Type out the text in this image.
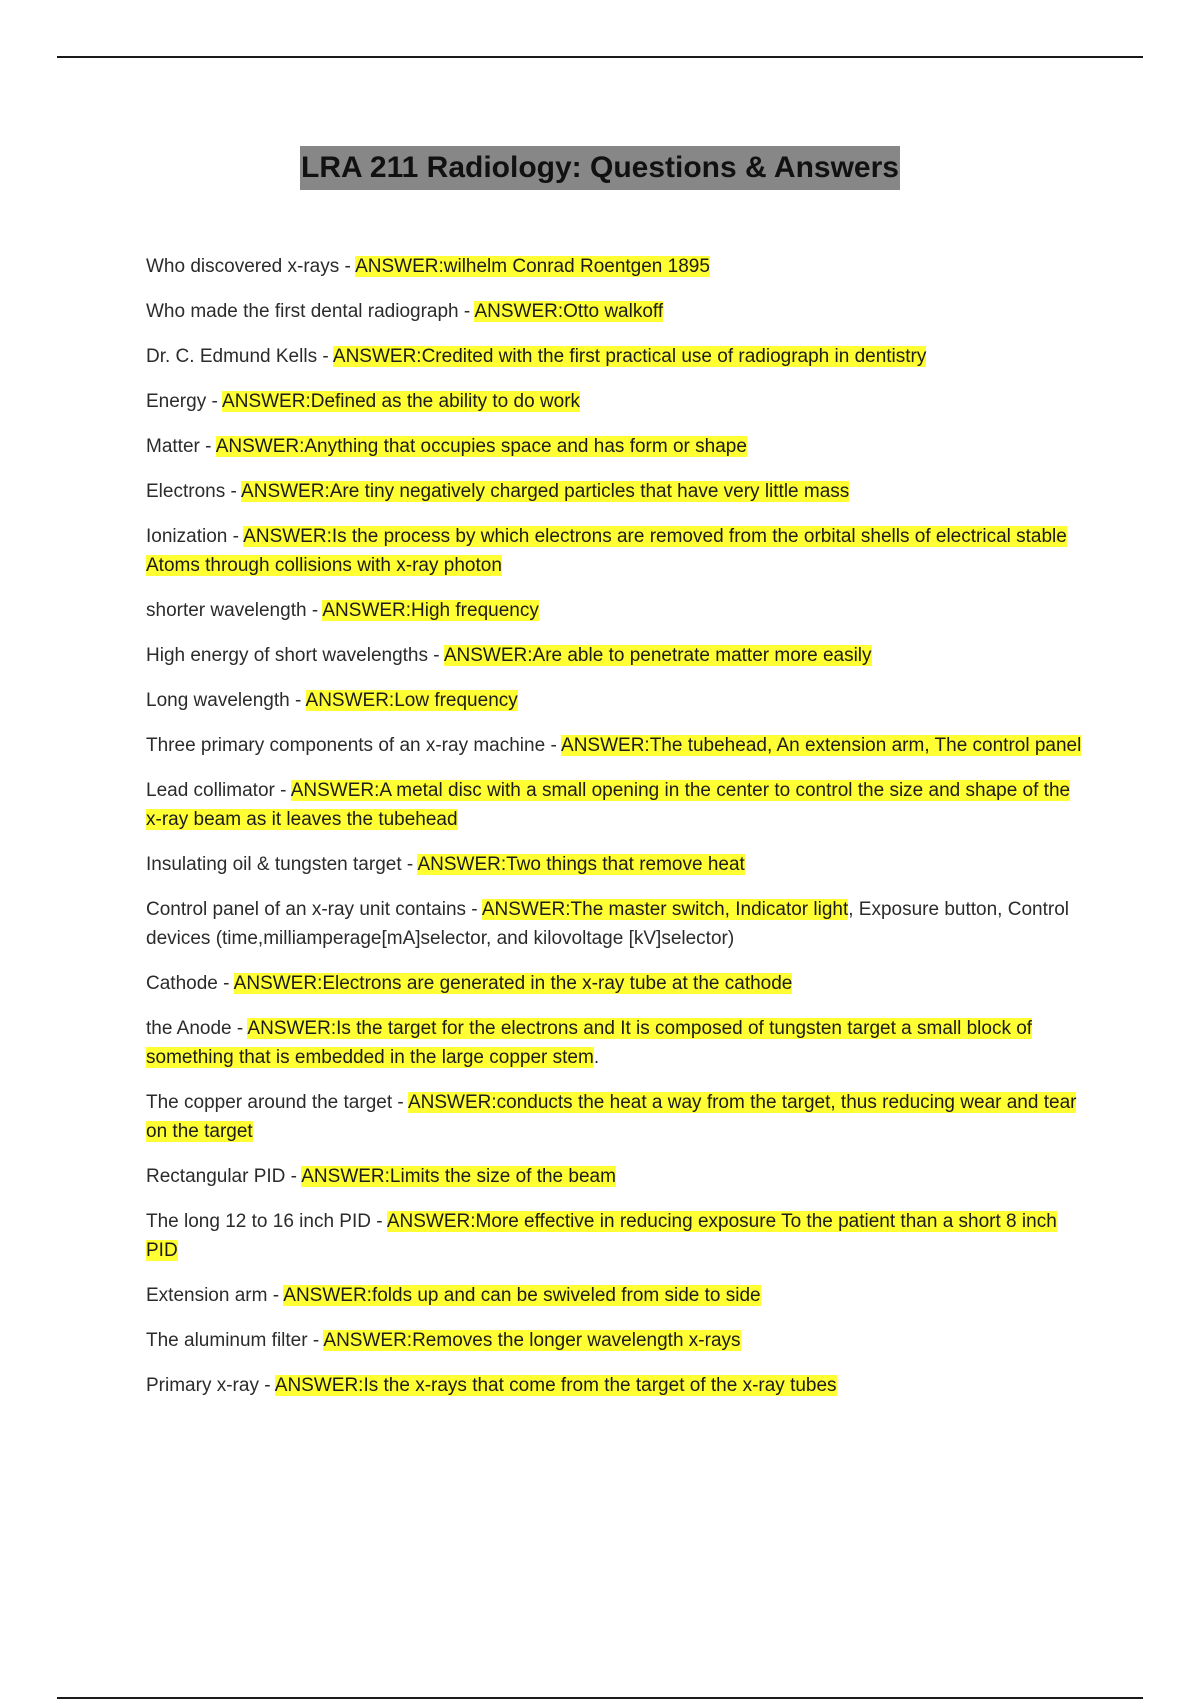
LRA 211 Radiology: Questions & Answers

Who discovered x-rays - ANSWER:wilhelm Conrad Roentgen 1895

Who made the first dental radiograph - ANSWER:Otto walkoff

Dr. C. Edmund Kells - ANSWER:Credited with the first practical use of radiograph in dentistry

Energy - ANSWER:Defined as the ability to do work

Matter - ANSWER:Anything that occupies space and has form or shape

Electrons - ANSWER:Are tiny negatively charged particles that have very little mass

Ionization - ANSWER:Is the process by which electrons are removed from the orbital shells of electrical stable Atoms through collisions with x-ray photon

shorter wavelength - ANSWER:High frequency

High energy of short wavelengths - ANSWER:Are able to penetrate matter more easily

Long wavelength - ANSWER:Low frequency

Three primary components of an x-ray machine - ANSWER:The tubehead, An extension arm, The control panel

Lead collimator - ANSWER:A metal disc with a small opening in the center to control the size and shape of the x-ray beam as it leaves the tubehead

Insulating oil & tungsten target - ANSWER:Two things that remove heat

Control panel of an x-ray unit contains - ANSWER:The master switch, Indicator light, Exposure button, Control devices (time,milliamperage[mA]selector, and kilovoltage [kV]selector)

Cathode - ANSWER:Electrons are generated in the x-ray tube at the cathode

the Anode - ANSWER:Is the target for the electrons and It is composed of tungsten target a small block of something that is embedded in the large copper stem.

The copper around the target - ANSWER:conducts the heat a way from the target, thus reducing wear and tear on the target

Rectangular PID - ANSWER:Limits the size of the beam

The long 12 to 16 inch PID - ANSWER:More effective in reducing exposure To the patient than a short 8 inch PID

Extension arm - ANSWER:folds up and can be swiveled from side to side

The aluminum filter - ANSWER:Removes the longer wavelength x-rays

Primary x-ray - ANSWER:Is the x-rays that come from the target of the x-ray tubes
